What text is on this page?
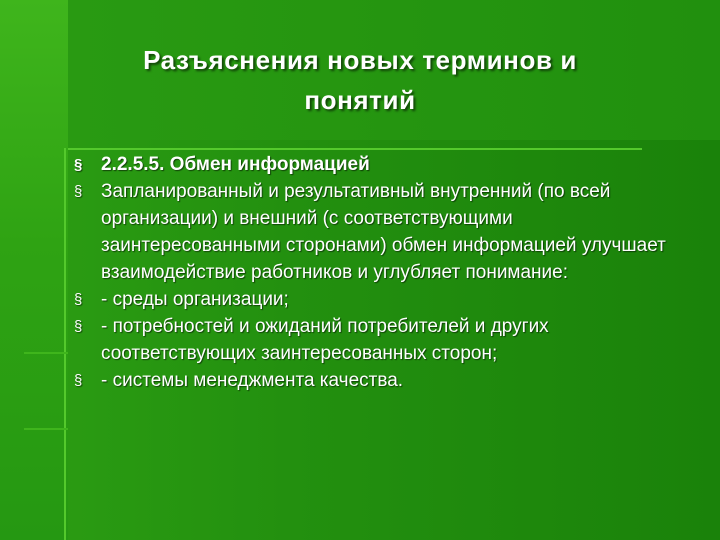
Разъяснения новых терминов и
понятий
§ 2.2.5.5. Обмен информацией
§ Запланированный и результативный внутренний (по всей организации) и внешний (с соответствующими заинтересованными сторонами) обмен информацией улучшает взаимодействие работников и углубляет понимание:
§ - среды организации;
§ - потребностей и ожиданий потребителей и других соответствующих заинтересованных сторон;
§ - системы менеджмента качества.
